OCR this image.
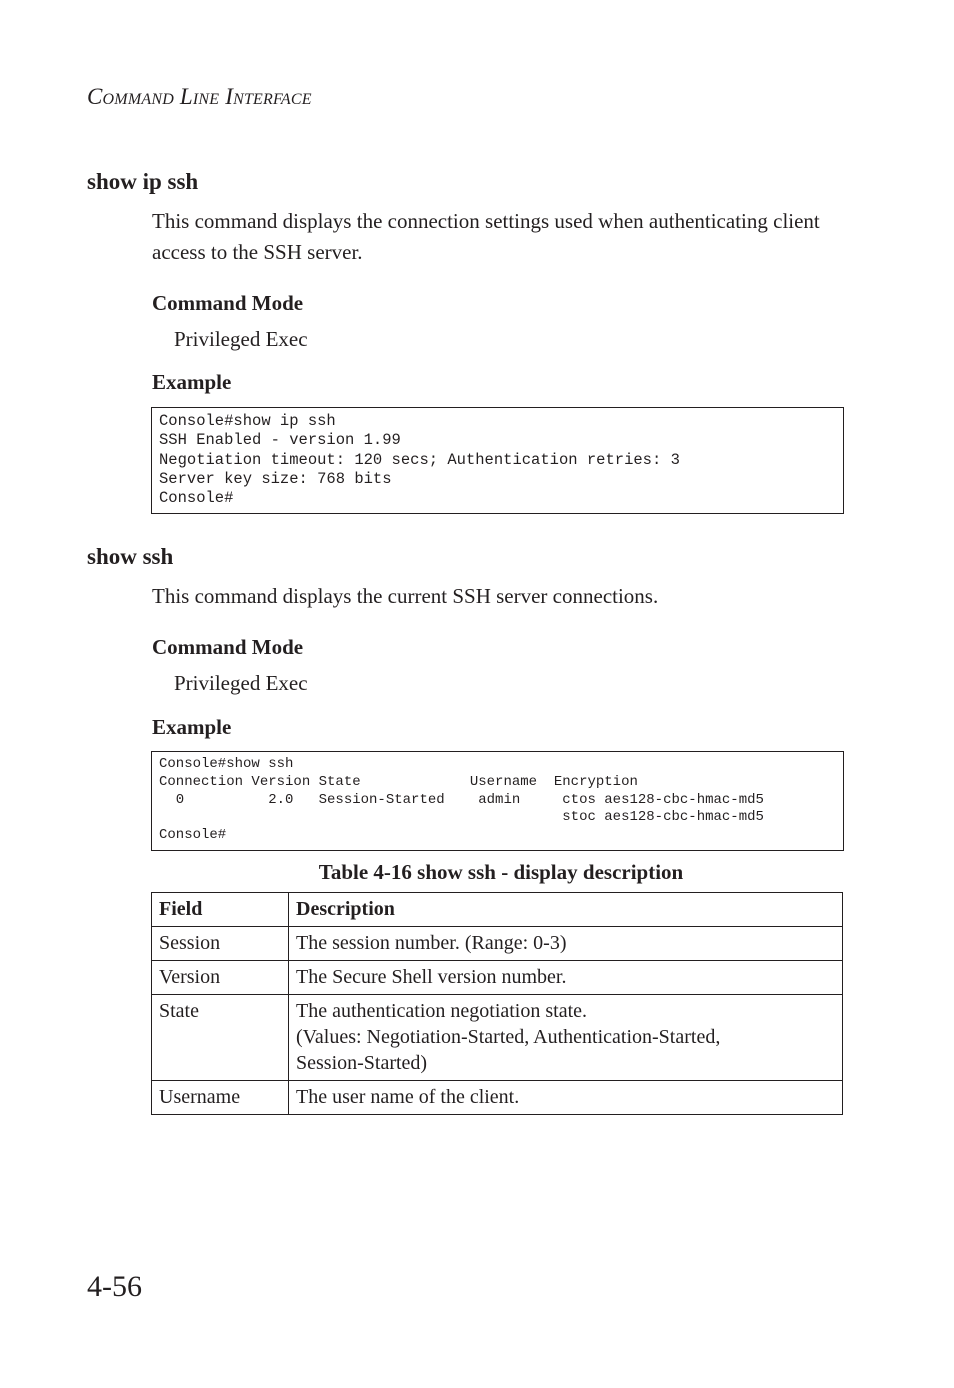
Command Line Interface
show ip ssh
This command displays the connection settings used when authenticating client access to the SSH server.
Command Mode
Privileged Exec
Example
Console#show ip ssh
SSH Enabled - version 1.99
Negotiation timeout: 120 secs; Authentication retries: 3
Server key size: 768 bits
Console#
show ssh
This command displays the current SSH server connections.
Command Mode
Privileged Exec
Example
Console#show ssh
Connection Version State             Username  Encryption
0          2.0   Session-Started    admin     ctos aes128-cbc-hmac-md5
stoc aes128-cbc-hmac-md5
Console#
Table 4-16 show ssh - display description
Field	Description
Session	The session number. (Range: 0-3)
Version	The Secure Shell version number.
State	The authentication negotiation state.
(Values: Negotiation-Started, Authentication-Started,
Session-Started)

Username	The user name of the client.
4-56
